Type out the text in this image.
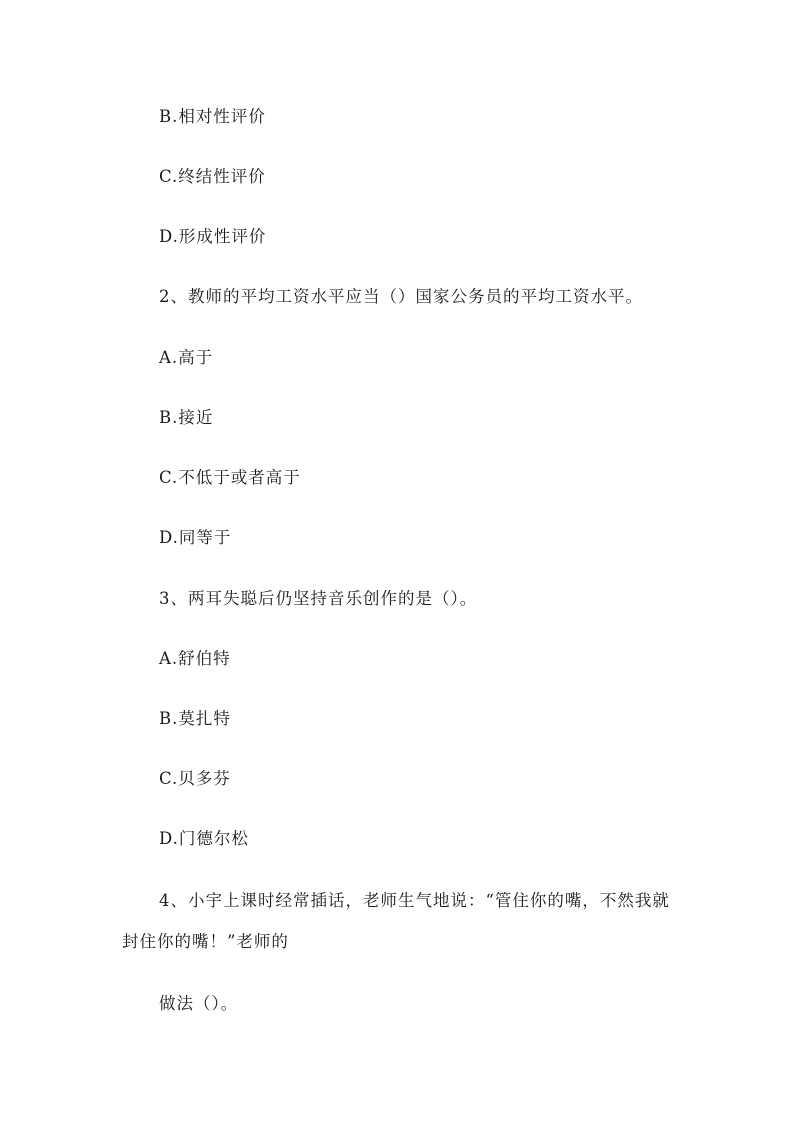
B.相对性评价
C.终结性评价
D.形成性评价
2、教师的平均工资水平应当（）国家公务员的平均工资水平。
A.高于
B.接近
C.不低于或者高于
D.同等于
3、两耳失聪后仍坚持音乐创作的是（）。
A.舒伯特
B.莫扎特
C.贝多芬
D.门德尔松
4、小宇上课时经常插话，老师生气地说：“管住你的嘴，不然我就封住你的嘴！”老师的
做法（）。
